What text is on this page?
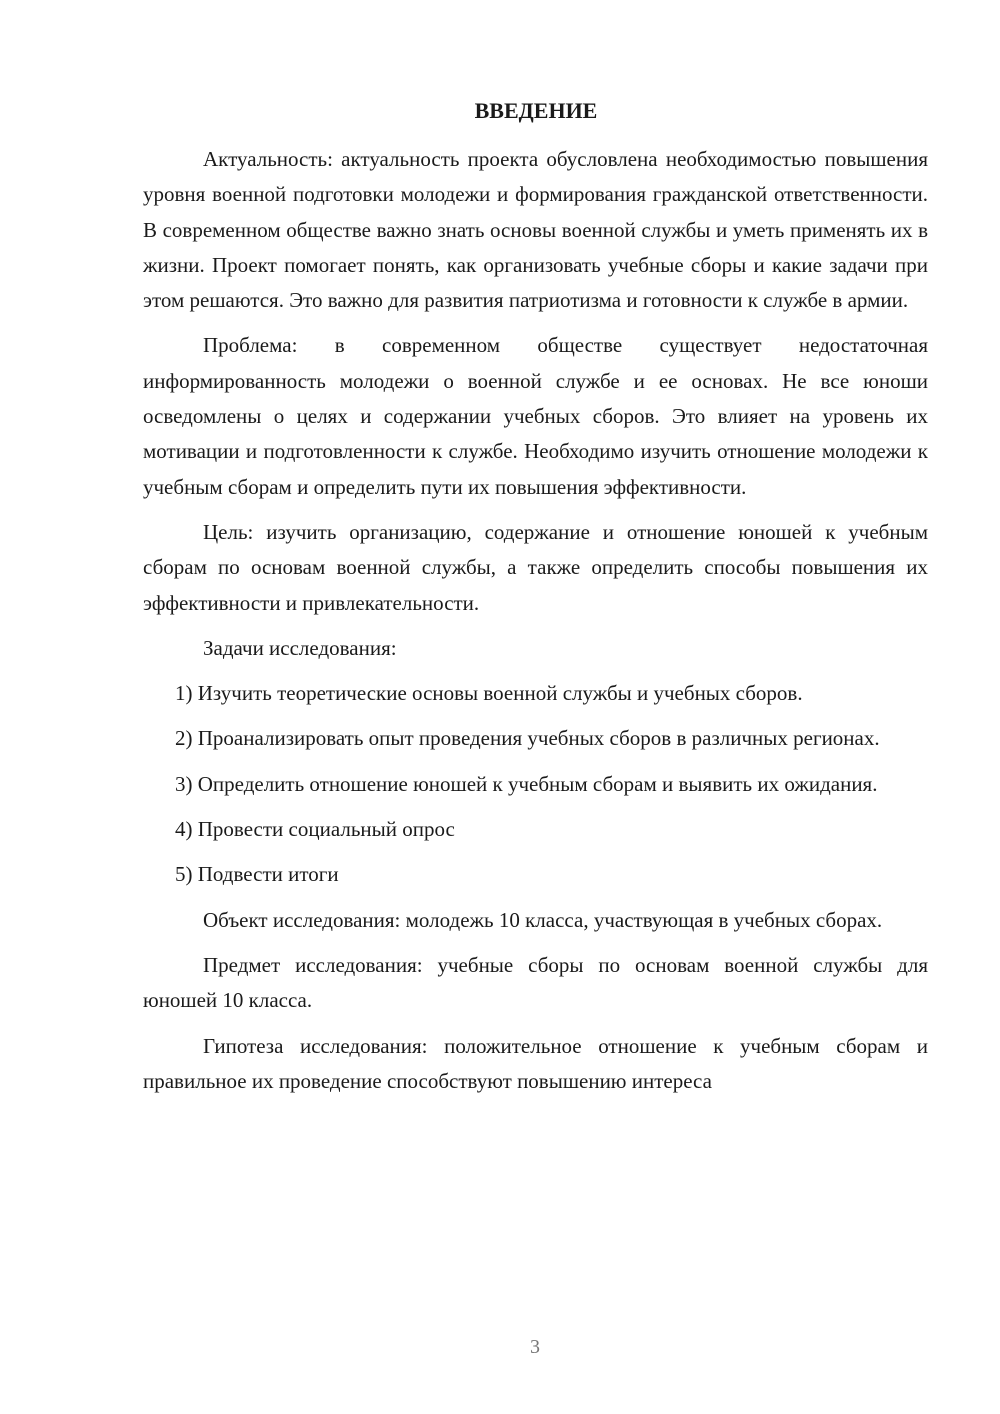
ВВЕДЕНИЕ

Актуальность: актуальность проекта обусловлена необходимостью повышения уровня военной подготовки молодежи и формирования гражданской ответственности. В современном обществе важно знать основы военной службы и уметь применять их в жизни. Проект помогает понять, как организовать учебные сборы и какие задачи при этом решаются. Это важно для развития патриотизма и готовности к службе в армии.

Проблема: в современном обществе существует недостаточная информированность молодежи о военной службе и ее основах. Не все юноши осведомлены о целях и содержании учебных сборов. Это влияет на уровень их мотивации и подготовленности к службе. Необходимо изучить отношение молодежи к учебным сборам и определить пути их повышения эффективности.

Цель: изучить организацию, содержание и отношение юношей к учебным сборам по основам военной службы, а также определить способы повышения их эффективности и привлекательности.

Задачи исследования:

1) Изучить теоретические основы военной службы и учебных сборов.

2) Проанализировать опыт проведения учебных сборов в различных регионах.

3) Определить отношение юношей к учебным сборам и выявить их ожидания.

4) Провести социальный опрос

5) Подвести итоги

Объект исследования: молодежь 10 класса, участвующая в учебных сборах.

Предмет исследования: учебные сборы по основам военной службы для юношей 10 класса.

Гипотеза исследования: положительное отношение к учебным сборам и правильное их проведение способствуют повышению интереса

3
